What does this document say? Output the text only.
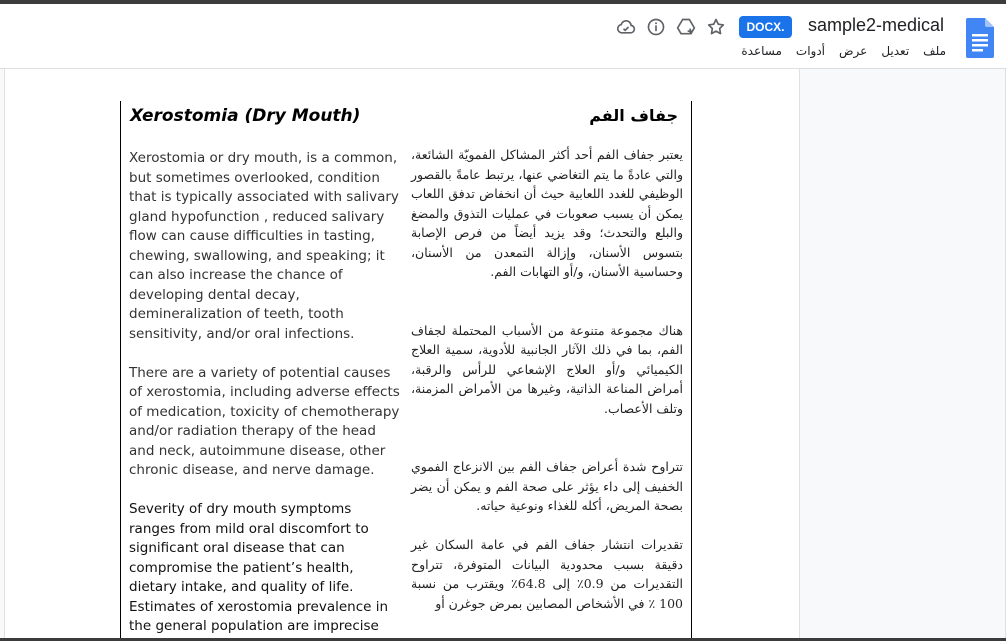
DOCX.	sample2-medical
ملف
تعديل
عرض
أدوات
مساعدة
Xerostomia (Dry Mouth)	جفاف الفم

Xerostomia or dry mouth, is a common, but sometimes overlooked, condition that is typically associated with salivary gland hypofunction , reduced salivary flow can cause difficulties in tasting, chewing, swallowing, and speaking; it can also increase the chance of developing dental decay, demineralization of teeth, tooth sensitivity, and/or oral infections.

There are a variety of potential causes of xerostomia, including adverse effects of medication, toxicity of chemotherapy and/or radiation therapy of the head and neck, autoimmune disease, other chronic disease, and nerve damage.

Severity of dry mouth symptoms ranges from mild oral discomfort to significant oral disease that can compromise the patient’s health, dietary intake, and quality of life.

Estimates of xerostomia prevalence in the general population are imprecise

يعتبر جفاف الفم أحد أكثر المشاكل الفمويّة الشائعة، والتي عادةً ما يتم التغاضي عنها، يرتبط عامةً بالقصور الوظيفي للغدد اللعابية حيث أن انخفاض تدفق اللعاب يمكن أن يسبب صعوبات في عمليات التذوق والمضغ والبلع والتحدث؛ وقد يزيد أيضاً من فرص الإصابة بتسوس الأسنان، وإزالة التمعدن من الأسنان، وحساسية الأسنان، و/أو التهابات الفم.

هناك مجموعة متنوعة من الأسباب المحتملة لجفاف الفم، بما في ذلك الآثار الجانبية للأدوية، سمية العلاج الكيميائي و/أو العلاج الإشعاعي للرأس والرقبة، أمراض المناعة الذاتية، وغيرها من الأمراض المزمنة، وتلف الأعصاب.

تتراوح شدة أعراض جفاف الفم بين الانزعاج الفموي الخفيف إلى داء يؤثر على صحة الفم و يمكن أن يضر بصحة المريض، أكله للغذاء ونوعية حياته.

تقديرات انتشار جفاف الفم في عامة السكان غير دقيقة بسبب محدودية البيانات المتوفرة، تتراوح التقديرات من 0.9٪ إلى 64.8٪ ويقترب من نسبة 100 ٪ في الأشخاص المصابين بمرض جوغرن أو
